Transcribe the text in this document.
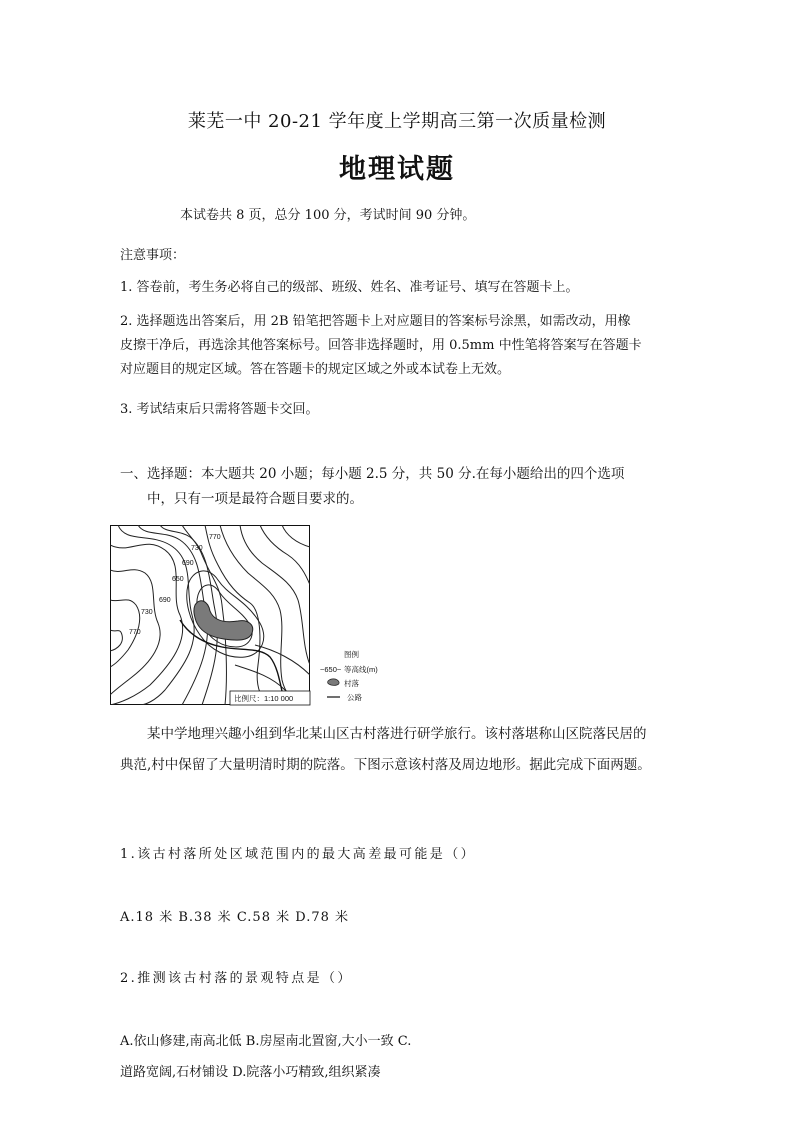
莱芜一中 20-21 学年度上学期高三第一次质量检测
地理试题
本试卷共 8 页，总分 100 分，考试时间 90 分钟。
注意事项：
1. 答卷前，考生务必将自己的级部、班级、姓名、准考证号、填写在答题卡上。
2. 选择题选出答案后，用 2B 铅笔把答题卡上对应题目的答案标号涂黑，如需改动，用橡
皮擦干净后，再选涂其他答案标号。回答非选择题时，用 0.5mm 中性笔将答案写在答题卡
对应题目的规定区域。答在答题卡的规定区域之外或本试卷上无效。
3. 考试结束后只需将答题卡交回。
一、选择题：本大题共 20 小题；每小题 2.5 分，共 50 分.在每小题给出的四个选项
中，只有一项是最符合题目要求的。
770
730
690
650
690
730
770
比例尺：1:10 000
图例
~650~ 等高线(m)
村落
公路
某中学地理兴趣小组到华北某山区古村落进行研学旅行。该村落堪称山区院落民居的
典范,村中保留了大量明清时期的院落。下图示意该村落及周边地形。据此完成下面两题。
1.该古村落所处区域范围内的最大高差最可能是（）
A.18 米 B.38 米 C.58 米 D.78 米
2.推测该古村落的景观特点是（）
A.依山修建,南高北低 B.房屋南北置窗,大小一致 C.
道路宽阔,石材铺设 D.院落小巧精致,组织紧凑
